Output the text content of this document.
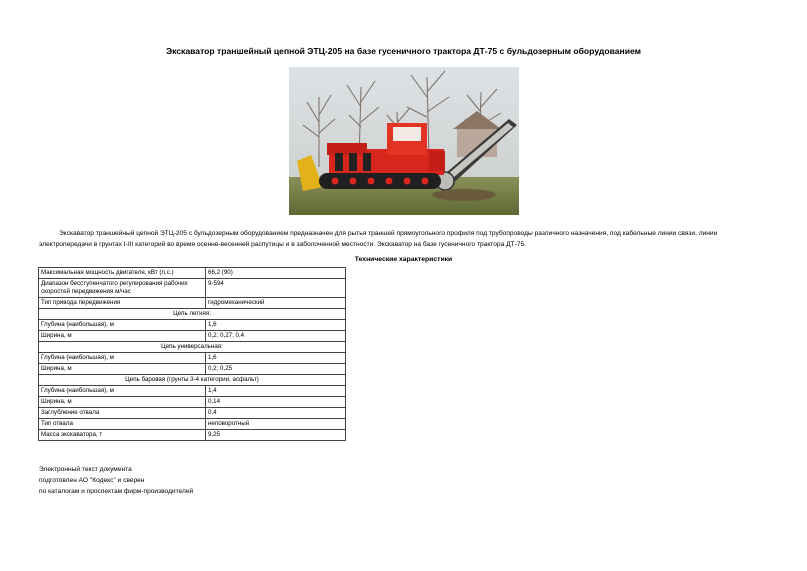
Экскаватор траншейный цепной ЭТЦ-205 на базе гусеничного трактора ДТ-75 с бульдозерным оборудованием

Экскаватор траншейный цепной ЭТЦ-205 с бульдозерным оборудованием предназначен для рытья траншей прямоугольного профиля под трубопроводы различного назначения, под кабельные линии связи, линии электропередачи в грунтах I-III категорий во время осенне-весенней распутицы и в заболоченной местности. Экскаватор на базе гусеничного трактора ДТ-75.

Технические характеристики
Максимальная мощность двигателя, кВт (л.с.)	66,2 (90)
Диапазон бесступенчатого регулирования рабочих скоростей передвижения м/час	9-594
Тип привода передвижения	гидромеханический
Цепь летняя:	
Глубина (наибольшая), м	1,6
Ширина, м	0,2; 0,27; 0,4
Цепь универсальная:	
Глубина (наибольшая), м	1,6
Ширина, м	0,2; 0,25
Цепь баровая (грунты 3-4 категории, асфальт)	
Глубина (наибольшая), м	1,4
Ширина, м	0,14
Заглубление отвала	0,4
Тип отвала	неповоротный
Масса экскаватора, т	9,25
Электронный текст документа
подготовлен АО "Кодекс" и сверен
по каталогам и проспектам фирм-производителей
